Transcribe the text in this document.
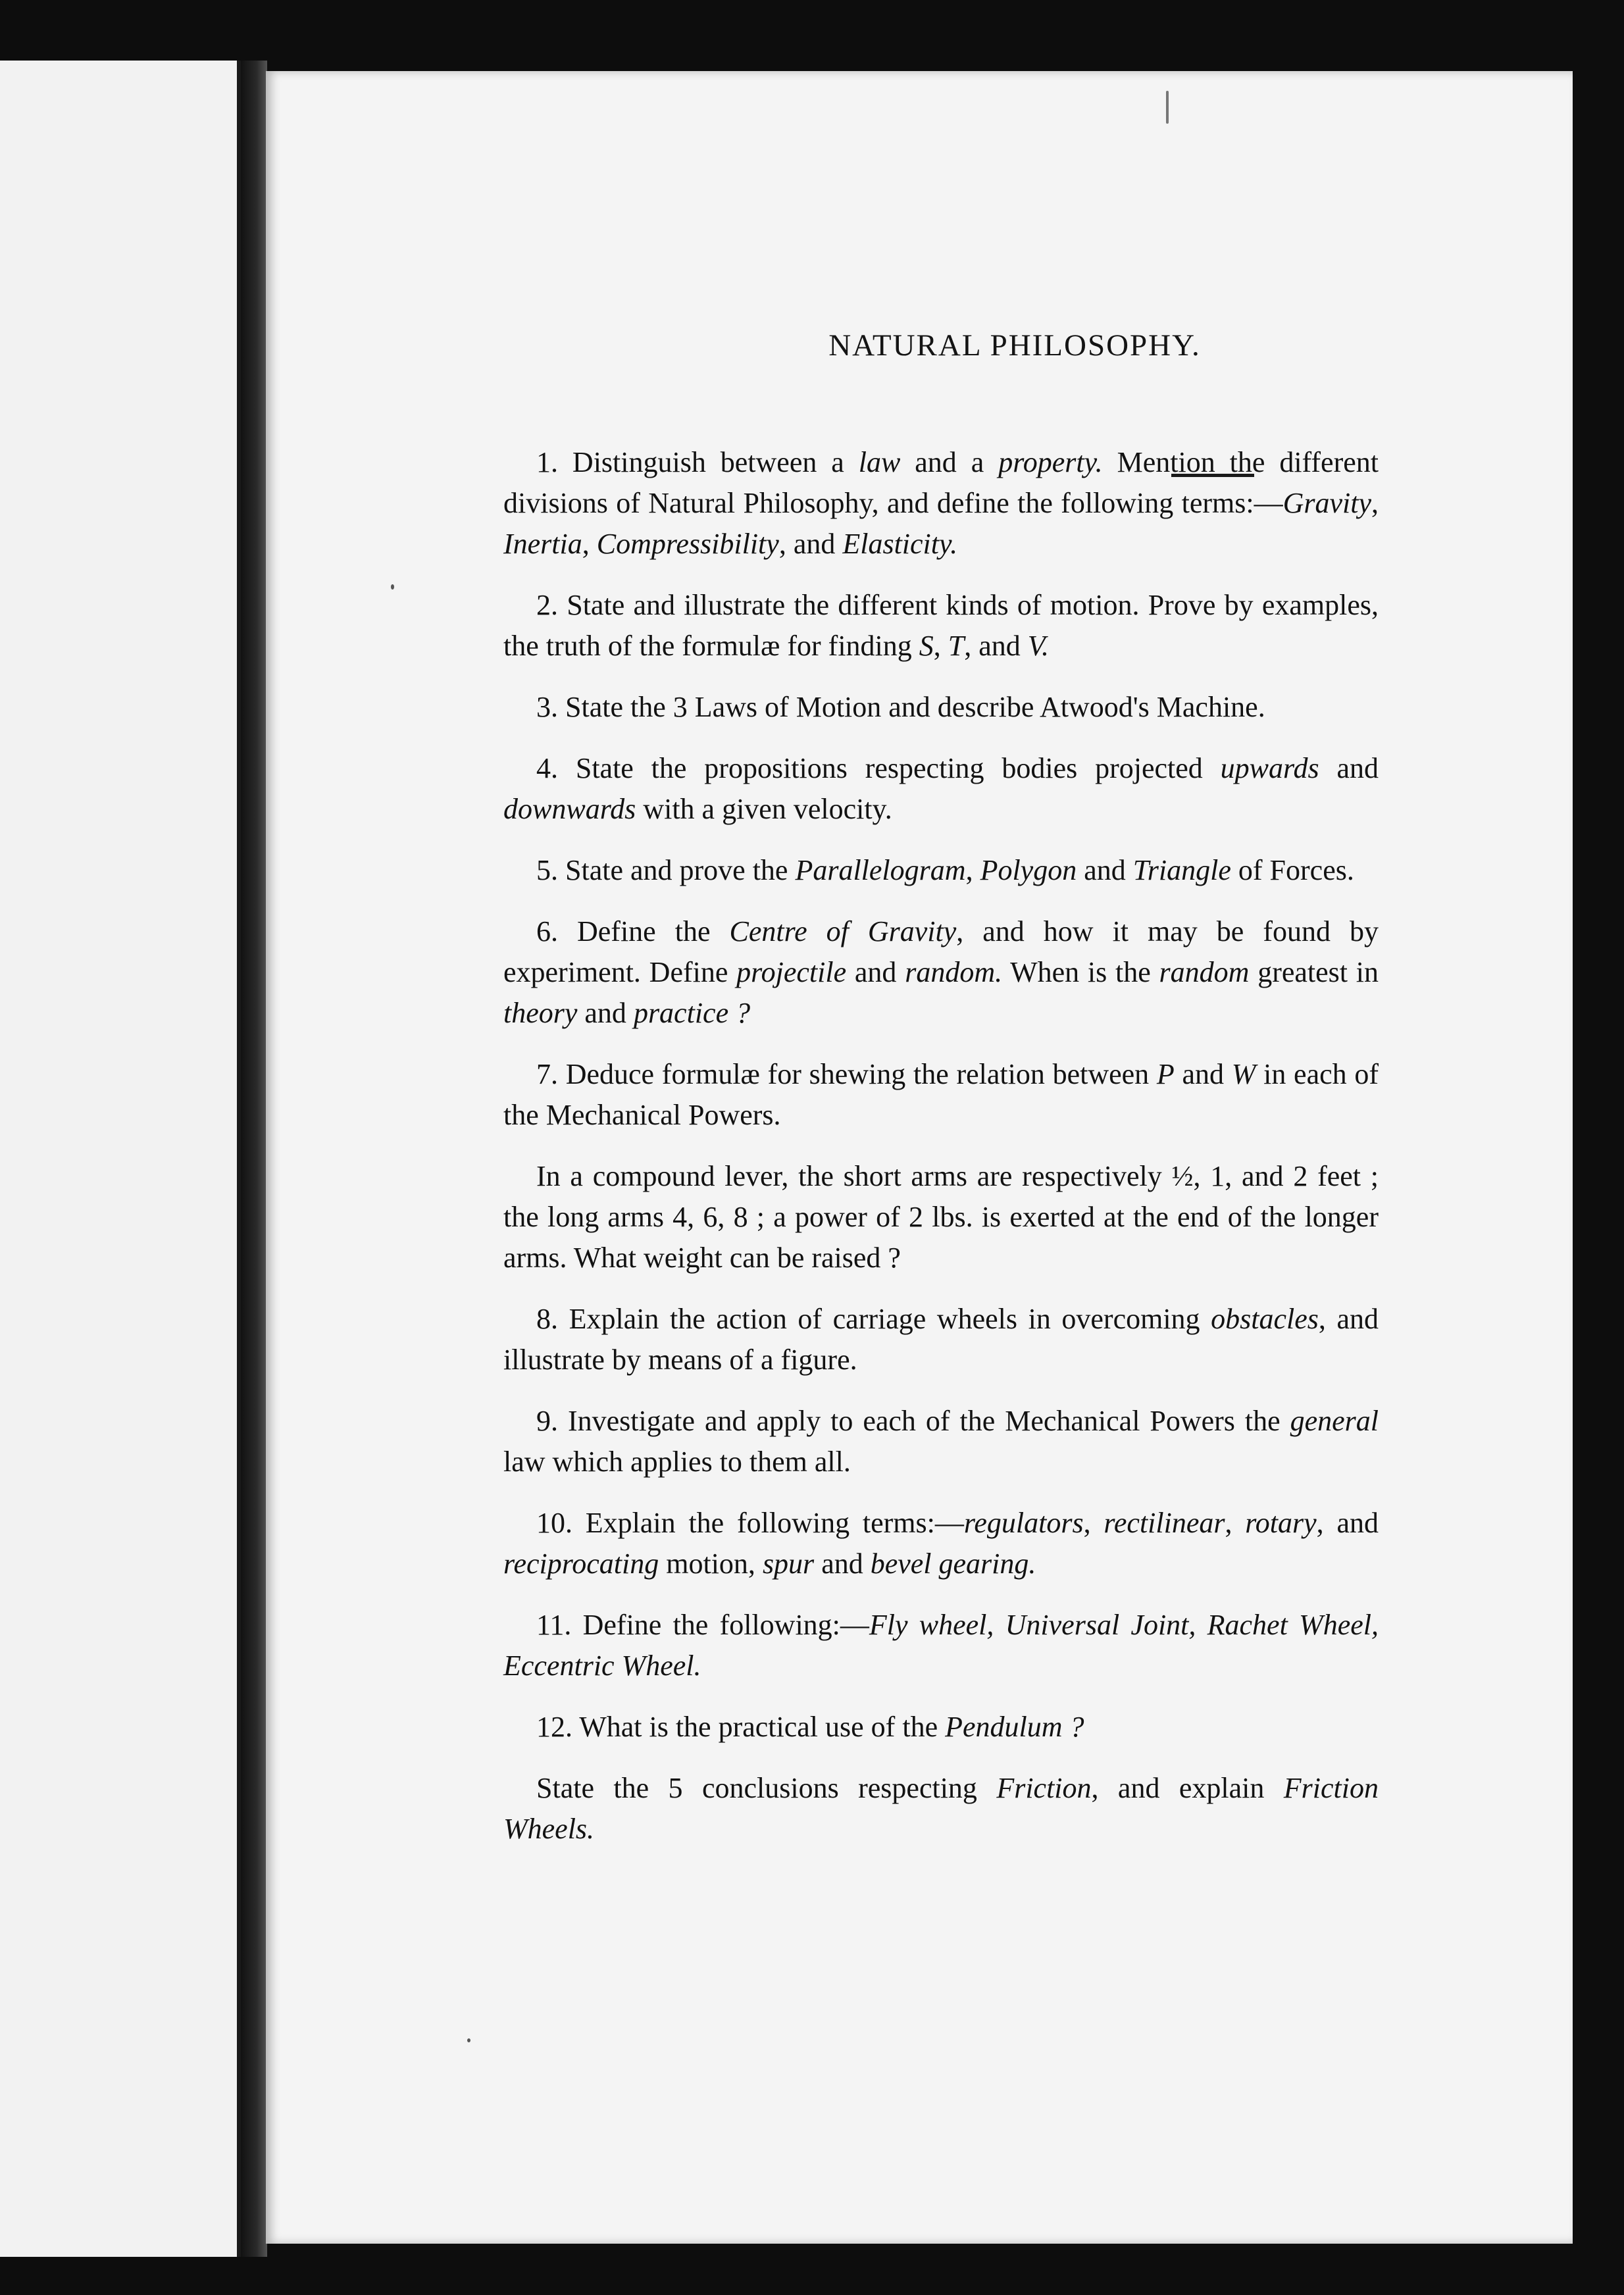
NATURAL PHILOSOPHY.

1. Distinguish between a law and a property. Mention the different divisions of Natural Philosophy, and define the following terms:—Gravity, Inertia, Compressibility, and Elasticity.

2. State and illustrate the different kinds of motion. Prove by examples, the truth of the formulæ for finding S, T, and V.

3. State the 3 Laws of Motion and describe Atwood's Machine.

4. State the propositions respecting bodies projected upwards and downwards with a given velocity.

5. State and prove the Parallelogram, Polygon and Triangle of Forces.

6. Define the Centre of Gravity, and how it may be found by experiment. Define projectile and random. When is the random greatest in theory and practice ?

7. Deduce formulæ for shewing the relation between P and W in each of the Mechanical Powers.

In a compound lever, the short arms are respectively ½, 1, and 2 feet ; the long arms 4, 6, 8 ; a power of 2 lbs. is exerted at the end of the longer arms. What weight can be raised ?

8. Explain the action of carriage wheels in overcoming obstacles, and illustrate by means of a figure.

9. Investigate and apply to each of the Mechanical Powers the general law which applies to them all.

10. Explain the following terms:—regulators, rectilinear, rotary, and reciprocating motion, spur and bevel gearing.

11. Define the following:—Fly wheel, Universal Joint, Rachet Wheel, Eccentric Wheel.

12. What is the practical use of the Pendulum ?

State the 5 conclusions respecting Friction, and explain Friction Wheels.
